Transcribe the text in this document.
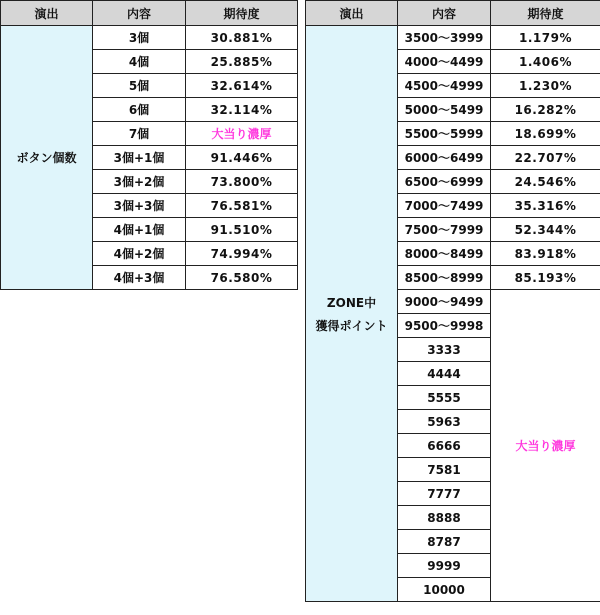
演出	内容	期待度
ボタン個数	3個	30.881%
	4個	25.885%
	5個	32.614%
	6個	32.114%
	7個	大当り濃厚
	3個+1個	91.446%
	3個+2個	73.800%
	3個+3個	76.581%
	4個+1個	91.510%
	4個+2個	74.994%
	4個+3個	76.580%
演出	内容	期待度

ZONE中
獲得ポイント	3500～3999	1.179%
	4000～4499	1.406%
	4500～4999	1.230%
	5000～5499	16.282%
	5500～5999	18.699%
	6000～6499	22.707%
	6500～6999	24.546%
	7000～7499	35.316%
	7500～7999	52.344%
	8000～8499	83.918%
	8500～8999	85.193%
	9000～9499	大当り濃厚
	9500～9998	
	3333	
	4444	
	5555	
	5963	
	6666	
	7581	
	7777	
	8888	
	8787	
	9999	
	10000	
